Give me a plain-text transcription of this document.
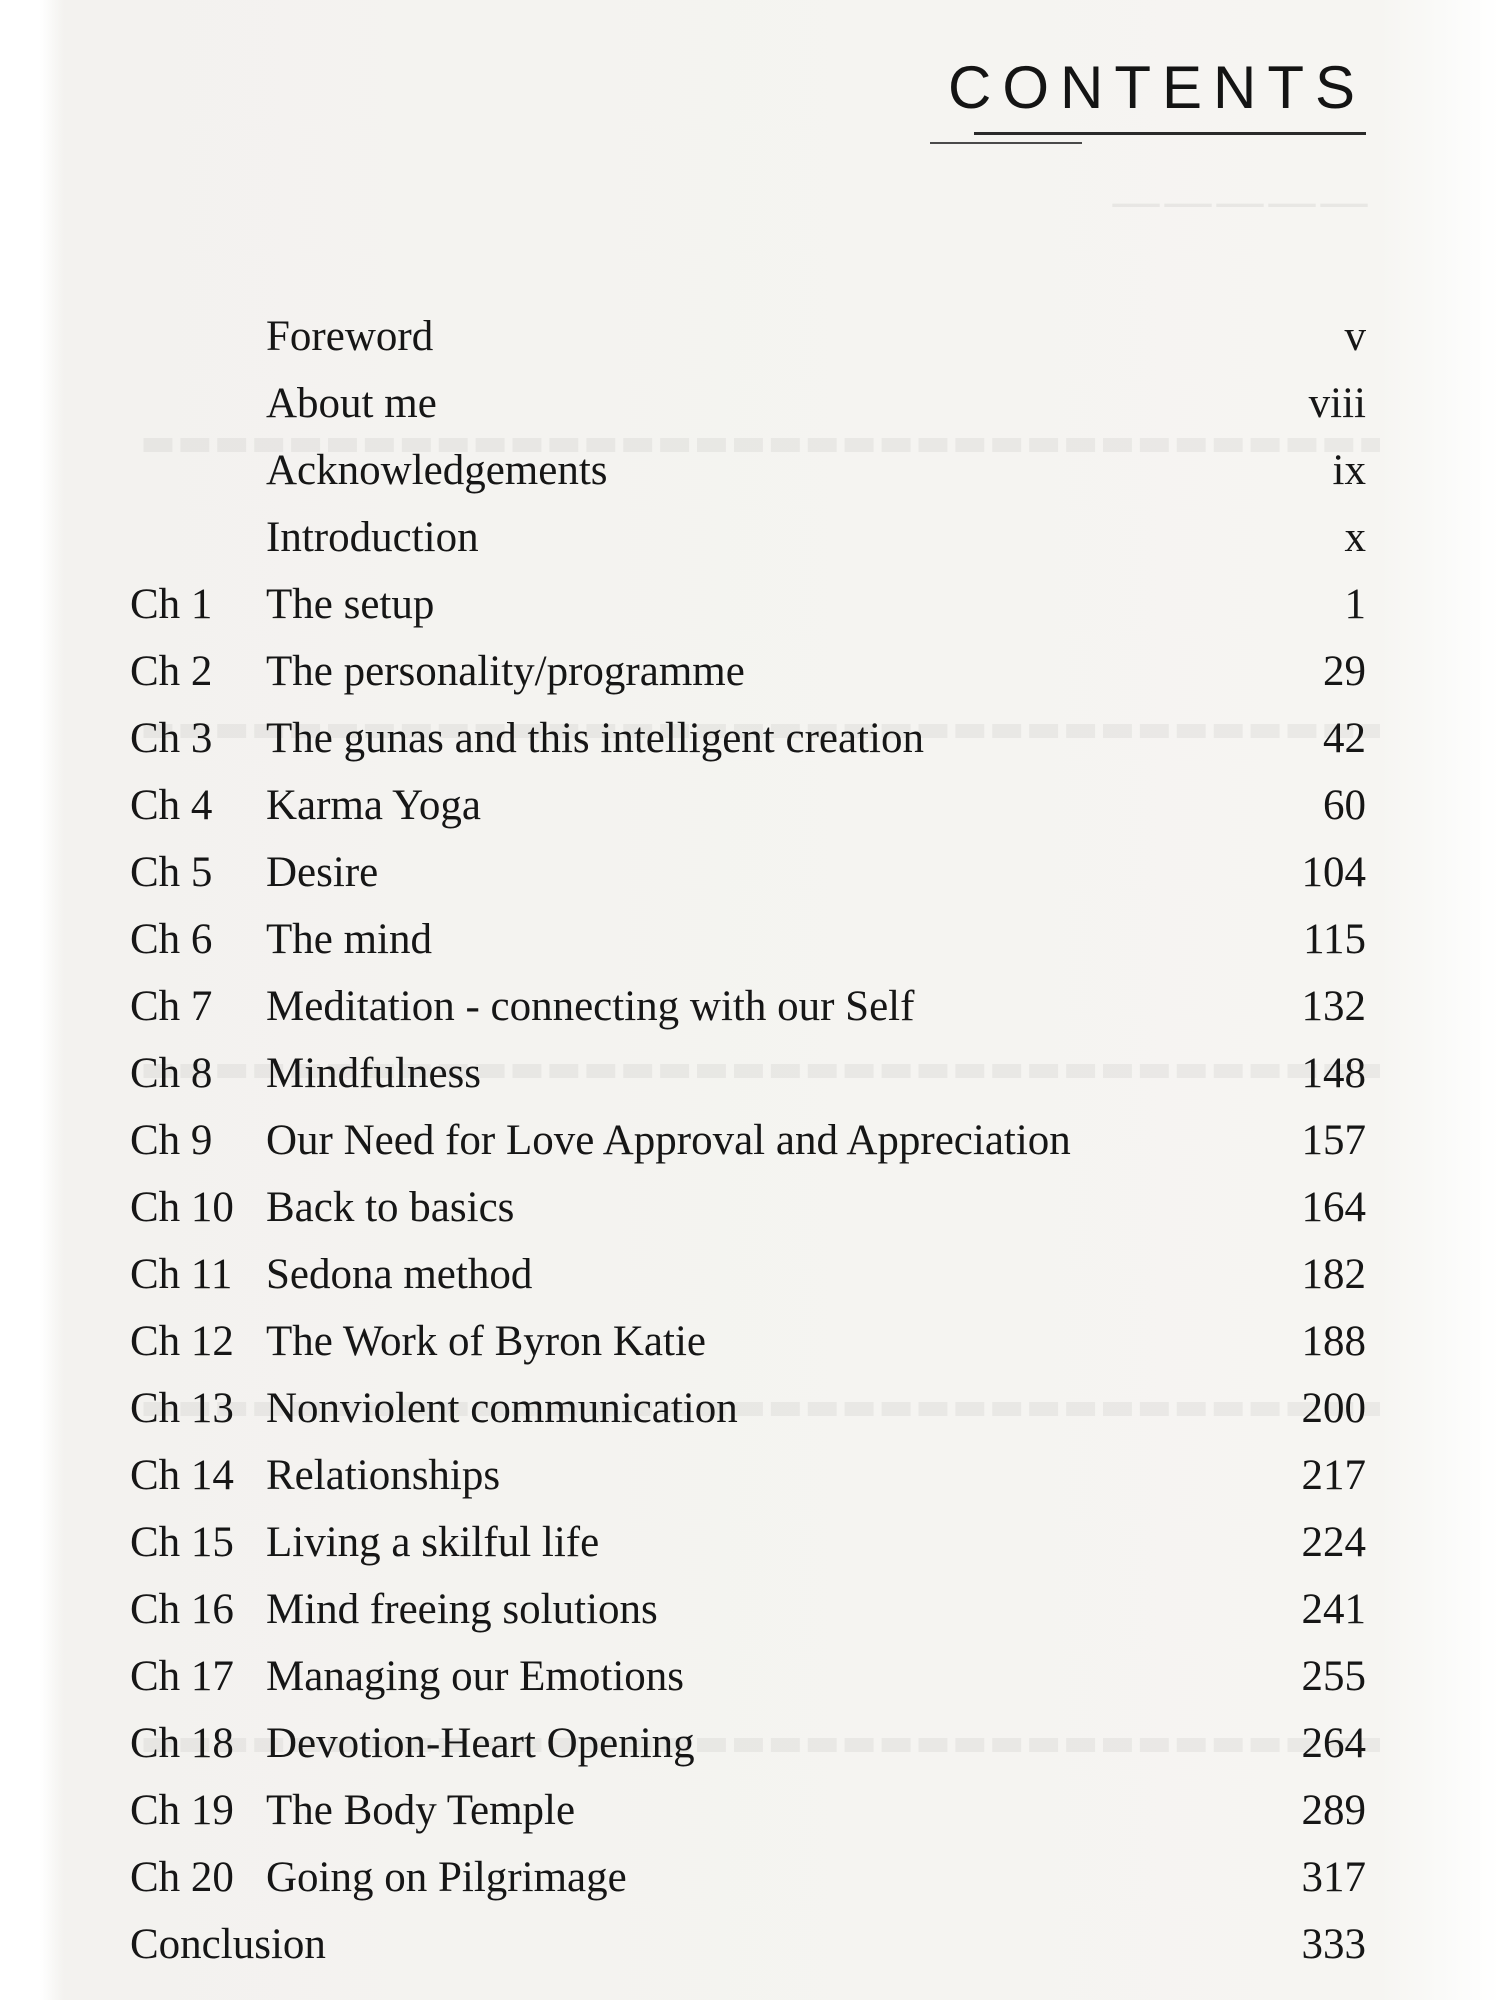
—————
CONTENTS
Foreword	v
About me	viii
Acknowledgements	ix
Introduction	x
Ch 1 The setup	1
Ch 2 The personality/programme	29
Ch 3 The gunas and this intelligent creation	42
Ch 4 Karma Yoga	60
Ch 5 Desire	104
Ch 6 The mind	115
Ch 7 Meditation - connecting with our Self	132
Ch 8 Mindfulness	148
Ch 9 Our Need for Love Approval and Appreciation	157
Ch 10 Back to basics	164
Ch 11 Sedona method	182
Ch 12 The Work of Byron Katie	188
Ch 13 Nonviolent communication	200
Ch 14 Relationships	217
Ch 15 Living a skilful life	224
Ch 16 Mind freeing solutions	241
Ch 17 Managing our Emotions	255
Ch 18 Devotion-Heart Opening	264
Ch 19 The Body Temple	289
Ch 20 Going on Pilgrimage	317
Conclusion	333
